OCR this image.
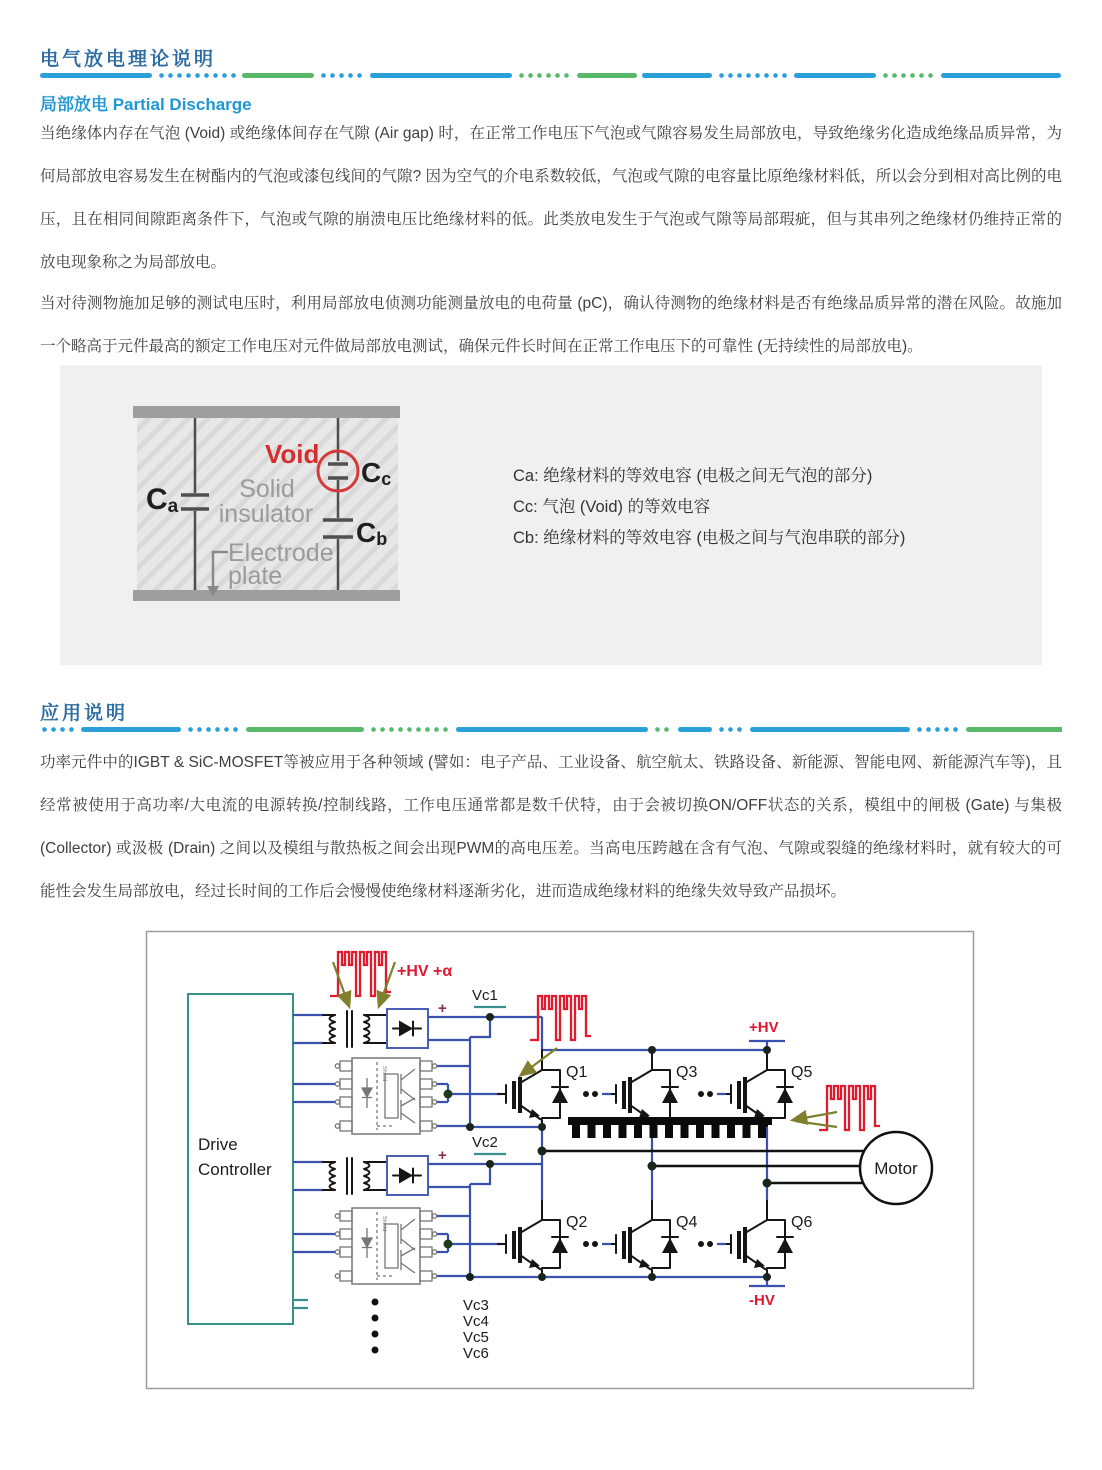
电气放电理论说明
局部放电 Partial Discharge

当绝缘体内存在气泡 (Void) 或绝缘体间存在气隙 (Air gap) 时，在正常工作电压下气泡或气隙容易发生局部放电，导致绝缘劣化造成绝缘品质异常，为何局部放电容易发生在树酯内的气泡或漆包线间的气隙? 因为空气的介电系数较低，气泡或气隙的电容量比原绝缘材料低，所以会分到相对高比例的电压，且在相同间隙距离条件下，气泡或气隙的崩溃电压比绝缘材料的低。此类放电发生于气泡或气隙等局部瑕疵，但与其串列之绝缘材仍维持正常的放电现象称之为局部放电。

当对待测物施加足够的测试电压时，利用局部放电侦测功能测量放电的电荷量 (pC)，确认待测物的绝缘材料是否有绝缘品质异常的潜在风险。故施加一个略高于元件最高的额定工作电压对元件做局部放电测试，确保元件长时间在正常工作电压下的可靠性 (无持续性的局部放电)。

Ca
Void
Cc
Cb
Solid
insulator
Electrode
plate
Ca: 绝缘材料的等效电容 (电极之间无气泡的部分)
Cc: 气泡 (Void) 的等效电容
Cb: 绝缘材料的等效电容 (电极之间与气泡串联的部分)
应用说明

功率元件中的IGBT & SiC-MOSFET等被应用于各种领域 (譬如：电子产品、工业设备、航空航太、铁路设备、新能源、智能电网、新能源汽车等)，且经常被使用于高功率/大电流的电源转换/控制线路，工作电压通常都是数千伏特，由于会被切换ON/OFF状态的关系，模组中的闸极 (Gate) 与集极 (Collector) 或汲极 (Drain) 之间以及模组与散热板之间会出现PWM的高电压差。当高电压跨越在含有气泡、气隙或裂缝的绝缘材料时，就有较大的可能性会发生局部放电，经过长时间的工作后会慢慢使绝缘材料逐渐劣化，进而造成绝缘材料的绝缘失效导致产品损坏。

Drive
Controller
+
Vc1
+
Vc2
+HV
Q1	Q3	Q5
Q2	Q4	Q6
Motor
-HV
Vc3
Vc4
Vc5
Vc6
+HV +α
